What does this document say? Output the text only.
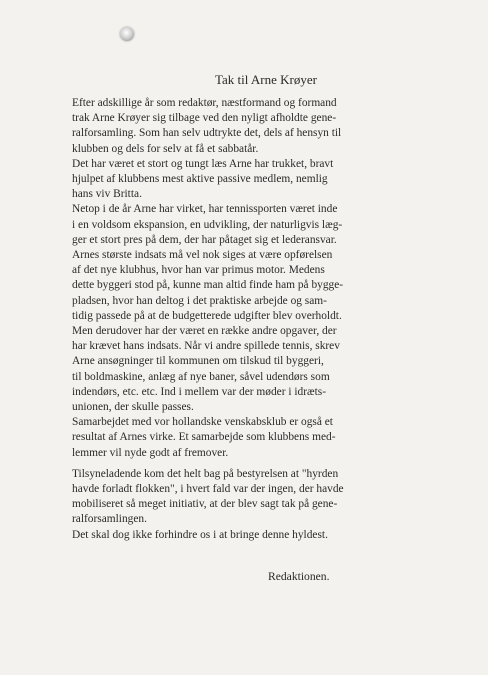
Tak til Arne Krøyer

Efter adskillige år som redaktør, næstformand og formand
trak Arne Krøyer sig tilbage ved den nyligt afholdte gene-
ralforsamling. Som han selv udtrykte det, dels af hensyn til
klubben og dels for selv at få et sabbatår.

Det har været et stort og tungt læs Arne har trukket, bravt
hjulpet af klubbens mest aktive passive medlem, nemlig
hans viv Britta.

Netop i de år Arne har virket, har tennissporten været inde
i en voldsom ekspansion, en udvikling, der naturligvis læg-
ger et stort pres på dem, der har påtaget sig et lederansvar.

Arnes største indsats må vel nok siges at være opførelsen
af det nye klubhus, hvor han var primus motor. Medens
dette byggeri stod på, kunne man altid finde ham på bygge-
pladsen, hvor han deltog i det praktiske arbejde og sam-
tidig passede på at de budgetterede udgifter blev overholdt.

Men derudover har der været en række andre opgaver, der
har krævet hans indsats. Når vi andre spillede tennis, skrev
Arne ansøgninger til kommunen om tilskud til byggeri,
til boldmaskine, anlæg af nye baner, såvel udendørs som
indendørs, etc. etc. Ind i mellem var der møder i idræts-
unionen, der skulle passes.

Samarbejdet med vor hollandske venskabsklub er også et
resultat af Arnes virke. Et samarbejde som klubbens med-
lemmer vil nyde godt af fremover.

Tilsyneladende kom det helt bag på bestyrelsen at "hyrden
havde forladt flokken", i hvert fald var der ingen, der havde
mobiliseret så meget initiativ, at der blev sagt tak på gene-
ralforsamlingen.

Det skal dog ikke forhindre os i at bringe denne hyldest.

Redaktionen.
